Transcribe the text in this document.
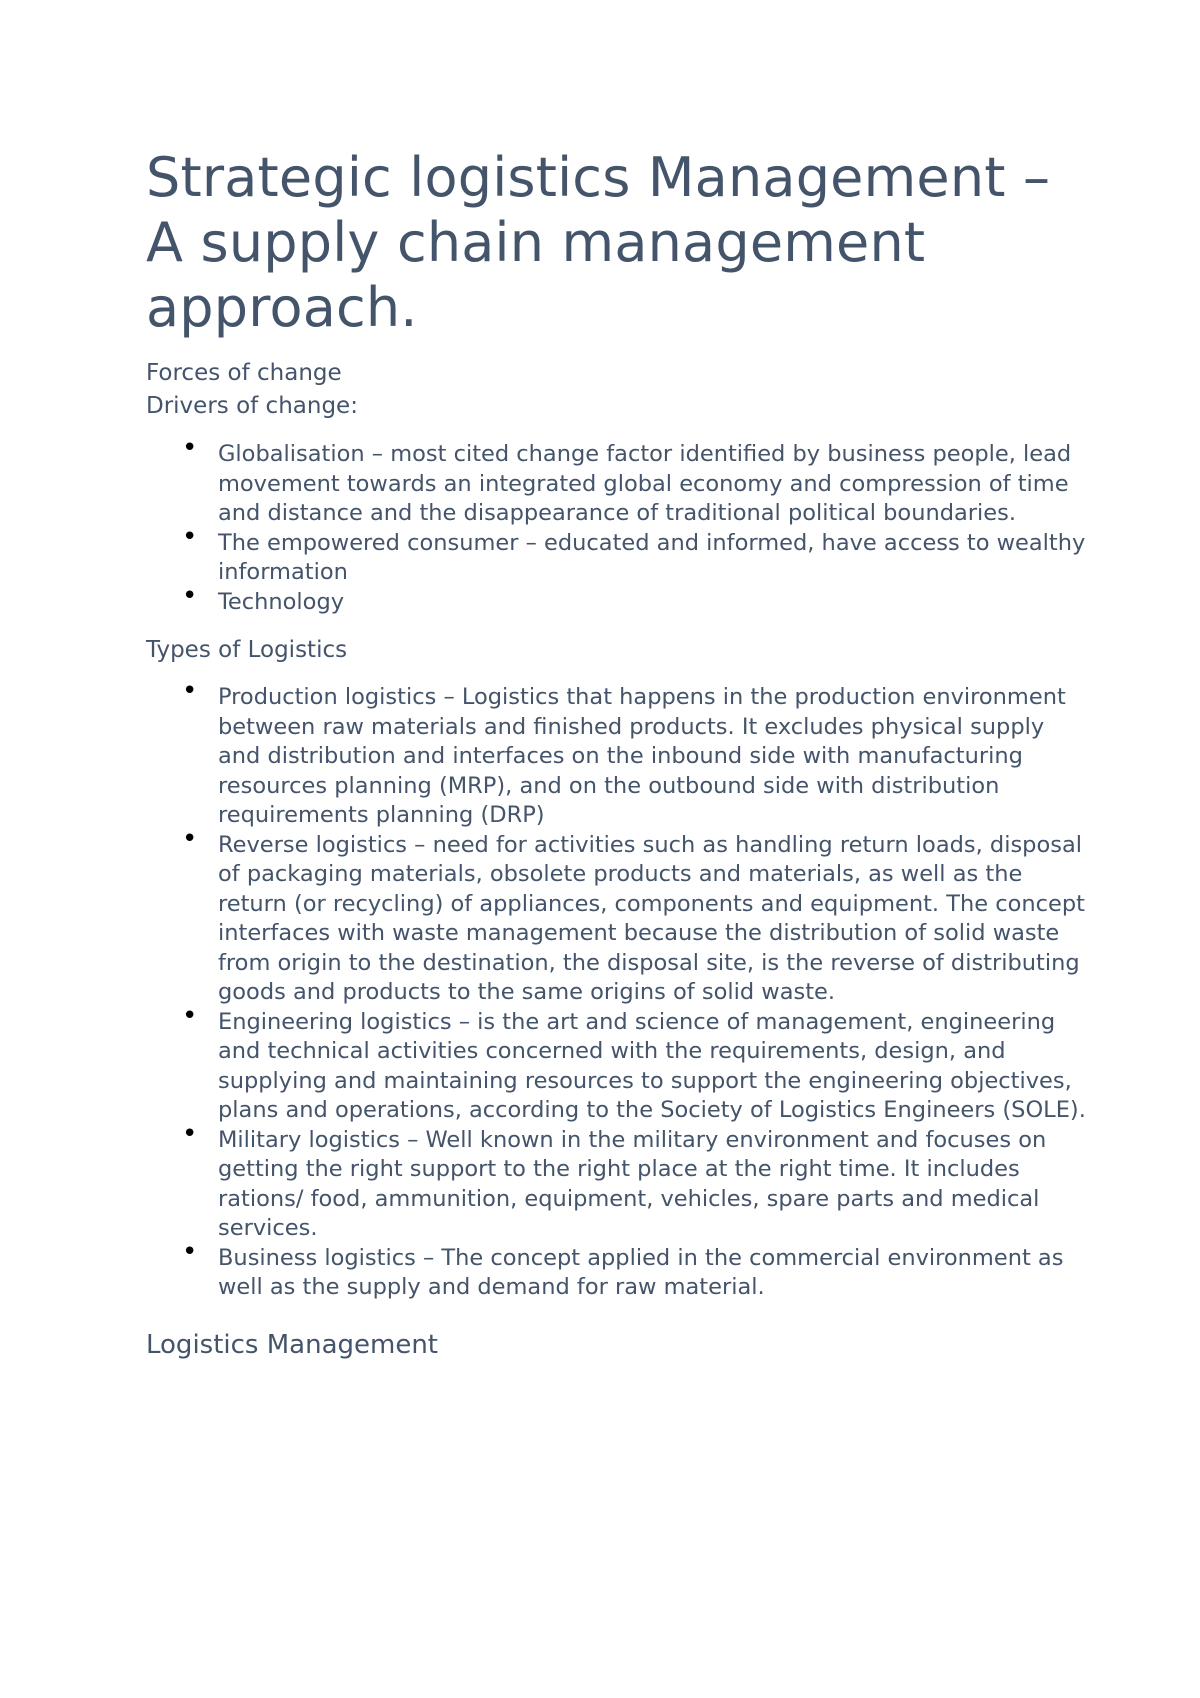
Strategic logistics Management – A supply chain management approach.

Forces of change

Drivers of change:

• Globalisation – most cited change factor identified by business people, lead movement towards an integrated global economy and compression of time and distance and the disappearance of traditional political boundaries.
• The empowered consumer – educated and informed, have access to wealthy information
• Technology
Types of Logistics
• Production logistics – Logistics that happens in the production environment between raw materials and finished products. It excludes physical supply and distribution and interfaces on the inbound side with manufacturing resources planning (MRP), and on the outbound side with distribution requirements planning (DRP)
• Reverse logistics – need for activities such as handling return loads, disposal of packaging materials, obsolete products and materials, as well as the return (or recycling) of appliances, components and equipment. The concept interfaces with waste management because the distribution of solid waste from origin to the destination, the disposal site, is the reverse of distributing goods and products to the same origins of solid waste.
• Engineering logistics – is the art and science of management, engineering and technical activities concerned with the requirements, design, and supplying and maintaining resources to support the engineering objectives, plans and operations, according to the Society of Logistics Engineers (SOLE).
• Military logistics – Well known in the military environment and focuses on getting the right support to the right place at the right time. It includes rations/ food, ammunition, equipment, vehicles, spare parts and medical services.
• Business logistics – The concept applied in the commercial environment as well as the supply and demand for raw material.
Logistics Management
